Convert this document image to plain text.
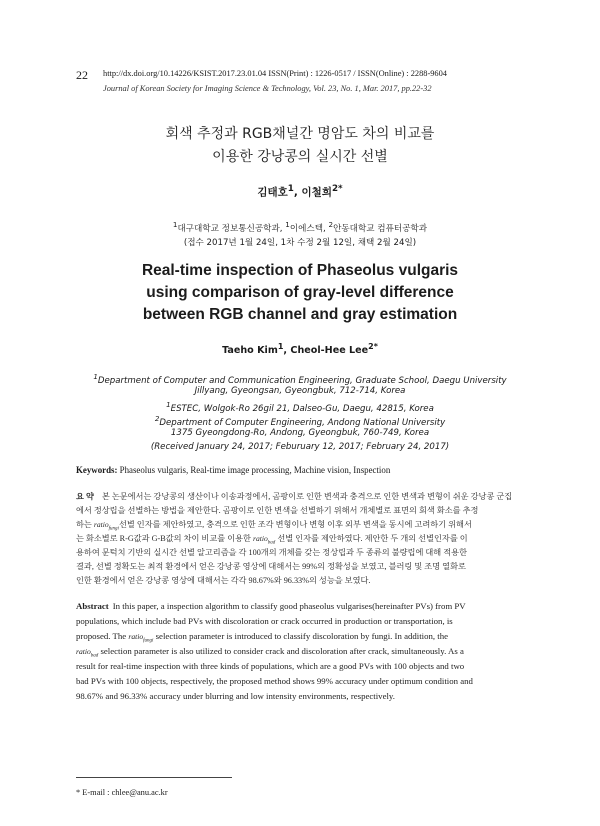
22 http://dx.doi.org/10.14226/KSIST.2017.23.01.04 ISSN(Print) : 1226-0517 / ISSN(Online) : 2288-9604
Journal of Korean Society for Imaging Science & Technology, Vol. 23, No. 1, Mar. 2017, pp.22-32
회색 추정과 RGB채널간 명암도 차의 비교를
이용한 강낭콩의 실시간 선별
김태호$^1$, 이철희$^{2*}$
$^1$대구대학교 정보통신공학과, $^1$이에스텍, $^2$안동대학교 컴퓨터공학과
(접수 2017년 1월 24일, 1차 수정 2월 12일, 채택 2월 24일)
Real-time inspection of Phaseolus vulgaris
using comparison of gray-level difference
between RGB channel and gray estimation
Taeho Kim$^1$, Cheol-Hee Lee$^{2*}$
$^1$Department of Computer and Communication Engineering, Graduate School, Daegu University
Jillyang, Gyeongsan, Gyeongbuk, 712-714, Korea
$^1$ESTEC, Wolgok-Ro 26gil 21, Dalseo-Gu, Daegu, 42815, Korea
$^2$Department of Computer Engineering, Andong National University
1375 Gyeongdong-Ro, Andong, Gyeongbuk, 760-749, Korea
(Received January 24, 2017; Feburuary 12, 2017; February 24, 2017)
Keywords: Phaseolus vulgaris, Real-time image processing, Machine vision, Inspection
요 약 본 논문에서는 강낭콩의 생산이나 이송과정에서, 곰팡이로 인한 변색과 충격으로 인한 변색과 변형이 쉬운 강낭콩 군집
에서 정상립을 선별하는 방법을 제안한다. 곰팡이로 인한 변색을 선별하기 위해서 개체별로 표면의 회색 화소를 추정
하는 ratio$_{fungi}$선별 인자를 제안하였고, 충격으로 인한 조각 변형이나 변형 이후 외부 변색을 동시에 고려하기 위해서
는 화소별로 R-G값과 G-B값의 차이 비교를 이용한 ratio$_{bad}$ 선별 인자를 제안하였다. 제안한 두 개의 선별인자를 이
용하여 문턱치 기반의 실시간 선별 알고리즘을 각 100개의 개체를 갖는 정상립과 두 종류의 불량립에 대해 적용한
결과, 선별 정확도는 최적 환경에서 얻은 강낭콩 영상에 대해서는 99%의 정확성을 보였고, 블러링 및 조명 열화로
인한 환경에서 얻은 강낭콩 영상에 대해서는 각각 98.67%와 96.33%의 성능을 보였다.
Abstract In this paper, a inspection algorithm to classify good phaseolus vulgarises(hereinafter PVs) from PV
populations, which include bad PVs with discoloration or crack occurred in production or transportation, is
proposed. The ratio$_{fungi}$ selection parameter is introduced to classify discoloration by fungi. In addition, the
ratio$_{bad}$ selection parameter is also utilized to consider crack and discoloration after crack, simultaneously. As a
result for real-time inspection with three kinds of populations, which are a good PVs with 100 objects and two
bad PVs with 100 objects, respectively, the proposed method shows 99% accuracy under optimum condition and
98.67% and 96.33% accuracy under blurring and low intensity environments, respectively.
* E-mail : chlee@anu.ac.kr
